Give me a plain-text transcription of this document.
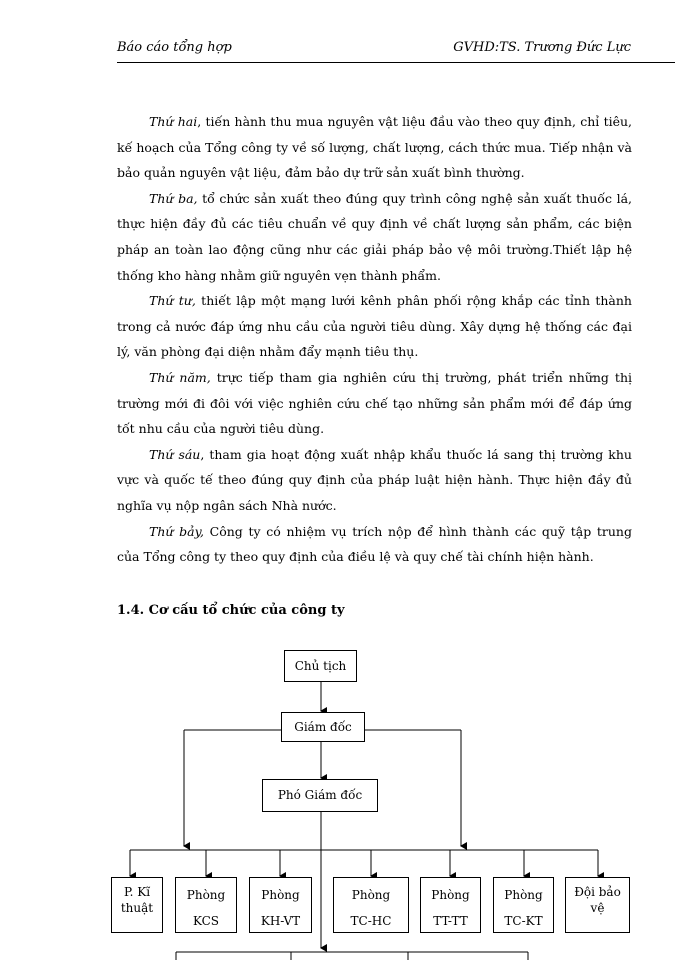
Báo cáo tổng hợp	GVHD:TS. Trương Đức Lực

Thứ hai, tiến hành thu mua nguyên vật liệu đầu vào theo quy định, chỉ tiêu, kế hoạch của Tổng công ty về số lượng, chất lượng, cách thức mua. Tiếp nhận và bảo quản nguyên vật liệu, đảm bảo dự trữ sản xuất bình thường.

Thứ ba, tổ chức sản xuất theo đúng quy trình công nghệ sản xuất thuốc lá, thực hiện đầy đủ các tiêu chuẩn về quy định về chất lượng sản phẩm, các biện pháp an toàn lao động cũng như các giải pháp bảo vệ môi trường.Thiết lập hệ thống kho hàng nhằm giữ nguyên vẹn thành phẩm.

Thứ tư, thiết lập một mạng lưới kênh phân phối rộng khắp các tỉnh thành trong cả nước đáp ứng nhu cầu của người tiêu dùng. Xây dựng hệ thống các đại lý, văn phòng đại diện nhằm đẩy mạnh tiêu thụ.

Thứ năm, trực tiếp tham gia nghiên cứu thị trường, phát triển những thị trường mới đi đôi với việc nghiên cứu chế tạo những sản phẩm mới để đáp ứng tốt nhu cầu của người tiêu dùng.

Thứ sáu, tham gia hoạt động xuất nhập khẩu thuốc lá sang thị trường khu vực và quốc tế theo đúng quy định của pháp luật hiện hành. Thực hiện đầy đủ nghĩa vụ nộp ngân sách Nhà nước.

Thứ bảy, Công ty có nhiệm vụ trích nộp để hình thành các quỹ tập trung của Tổng công ty theo quy định của điều lệ và quy chế tài chính hiện hành.

1.4. Cơ cấu tổ chức của công ty
Chủ tịch
Giám đốc
Phó Giám đốc
P. Kĩ
thuật
Phòng
KCS
Phòng
KH-VT
Phòng
TC-HC
Phòng
TT-TT
Phòng
TC-KT
Đội bảo
vệ
